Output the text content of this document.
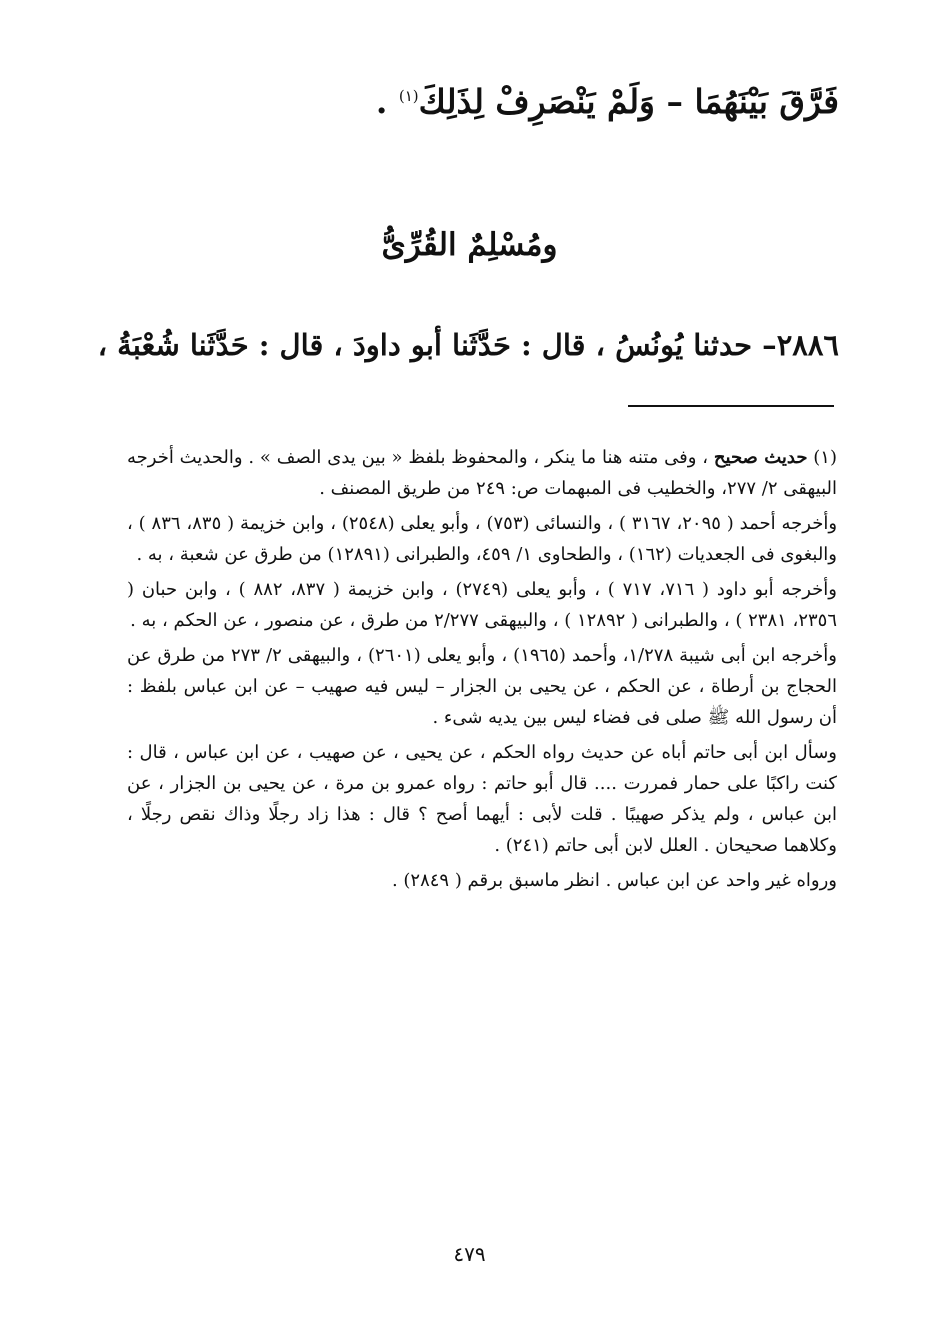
فَرَّقَ بَيْنَهُمَا – وَلَمْ يَنْصَرِفْ لِذَلِكَ$^{(١)}$ .
ومُسْلِمٌ القُرِّىُّ
٢٨٨٦– حدثنا يُونُسُ ، قال : حَدَّثَنا أبو داودَ ، قال : حَدَّثَنا شُعْبَةُ ،

(١) حديث صحيح ، وفى متنه هنا ما ينكر ، والمحفوظ بلفظ « بين يدى الصف » . والحديث أخرجه البيهقى ٢/ ٢٧٧، والخطيب فى المبهمات ص: ٢٤٩ من طريق المصنف .

وأخرجه أحمد ( ٢٠٩٥، ٣١٦٧ ) ، والنسائى (٧٥٣) ، وأبو يعلى (٢٥٤٨) ، وابن خزيمة ( ٨٣٥، ٨٣٦ ) ، والبغوى فى الجعديات (١٦٢) ، والطحاوى ١/ ٤٥٩، والطبرانى (١٢٨٩١) من طرق عن شعبة ، به .

وأخرجه أبو داود ( ٧١٦، ٧١٧ ) ، وأبو يعلى (٢٧٤٩) ، وابن خزيمة ( ٨٣٧، ٨٨٢ ) ، وابن حبان ( ٢٣٥٦، ٢٣٨١ ) ، والطبرانى ( ١٢٨٩٢ ) ، والبيهقى ٢/٢٧٧ من طرق ، عن منصور ، عن الحكم ، به .

وأخرجه ابن أبى شيبة ١/٢٧٨، وأحمد (١٩٦٥) ، وأبو يعلى (٢٦٠١) ، والبيهقى ٢/ ٢٧٣ من طرق عن الحجاج بن أرطاة ، عن الحكم ، عن يحيى بن الجزار – ليس فيه صهيب – عن ابن عباس بلفظ : أن رسول الله ﷺ صلى فى فضاء ليس بين يديه شىء .

وسأل ابن أبى حاتم أباه عن حديث رواه الحكم ، عن يحيى ، عن صهيب ، عن ابن عباس ، قال : كنت راكبًا على حمار فمررت .... قال أبو حاتم : رواه عمرو بن مرة ، عن يحيى بن الجزار ، عن ابن عباس ، ولم يذكر صهيبًا . قلت لأبى : أيهما أصح ؟ قال : هذا زاد رجلًا وذاك نقص رجلًا ، وكلاهما صحيحان . العلل لابن أبى حاتم (٢٤١) .

ورواه غير واحد عن ابن عباس . انظر ماسبق برقم ( ٢٨٤٩) .

٤٧٩
